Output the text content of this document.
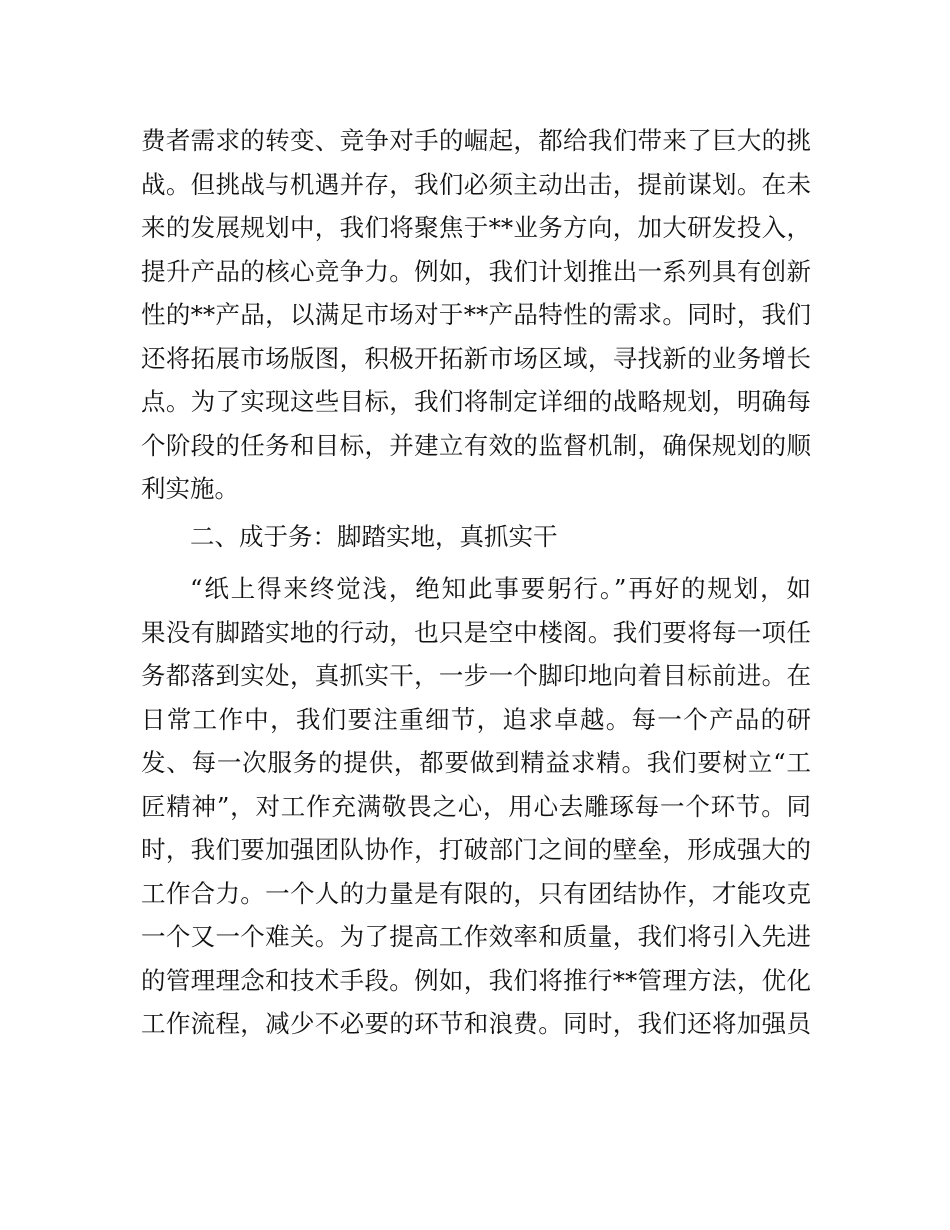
费者需求的转变、竞争对手的崛起，都给我们带来了巨大的挑
战。但挑战与机遇并存，我们必须主动出击，提前谋划。在未
来的发展规划中，我们将聚焦于**业务方向，加大研发投入，
提升产品的核心竞争力。例如，我们计划推出一系列具有创新
性的**产品，以满足市场对于**产品特性的需求。同时，我们
还将拓展市场版图，积极开拓新市场区域，寻找新的业务增长
点。为了实现这些目标，我们将制定详细的战略规划，明确每
个阶段的任务和目标，并建立有效的监督机制，确保规划的顺
利实施。
二、成于务：脚踏实地，真抓实干
“纸上得来终觉浅，绝知此事要躬行。”再好的规划，如
果没有脚踏实地的行动，也只是空中楼阁。我们要将每一项任
务都落到实处，真抓实干，一步一个脚印地向着目标前进。在
日常工作中，我们要注重细节，追求卓越。每一个产品的研
发、每一次服务的提供，都要做到精益求精。我们要树立“工
匠精神”，对工作充满敬畏之心，用心去雕琢每一个环节。同
时，我们要加强团队协作，打破部门之间的壁垒，形成强大的
工作合力。一个人的力量是有限的，只有团结协作，才能攻克
一个又一个难关。为了提高工作效率和质量，我们将引入先进
的管理理念和技术手段。例如，我们将推行**管理方法，优化
工作流程，减少不必要的环节和浪费。同时，我们还将加强员
